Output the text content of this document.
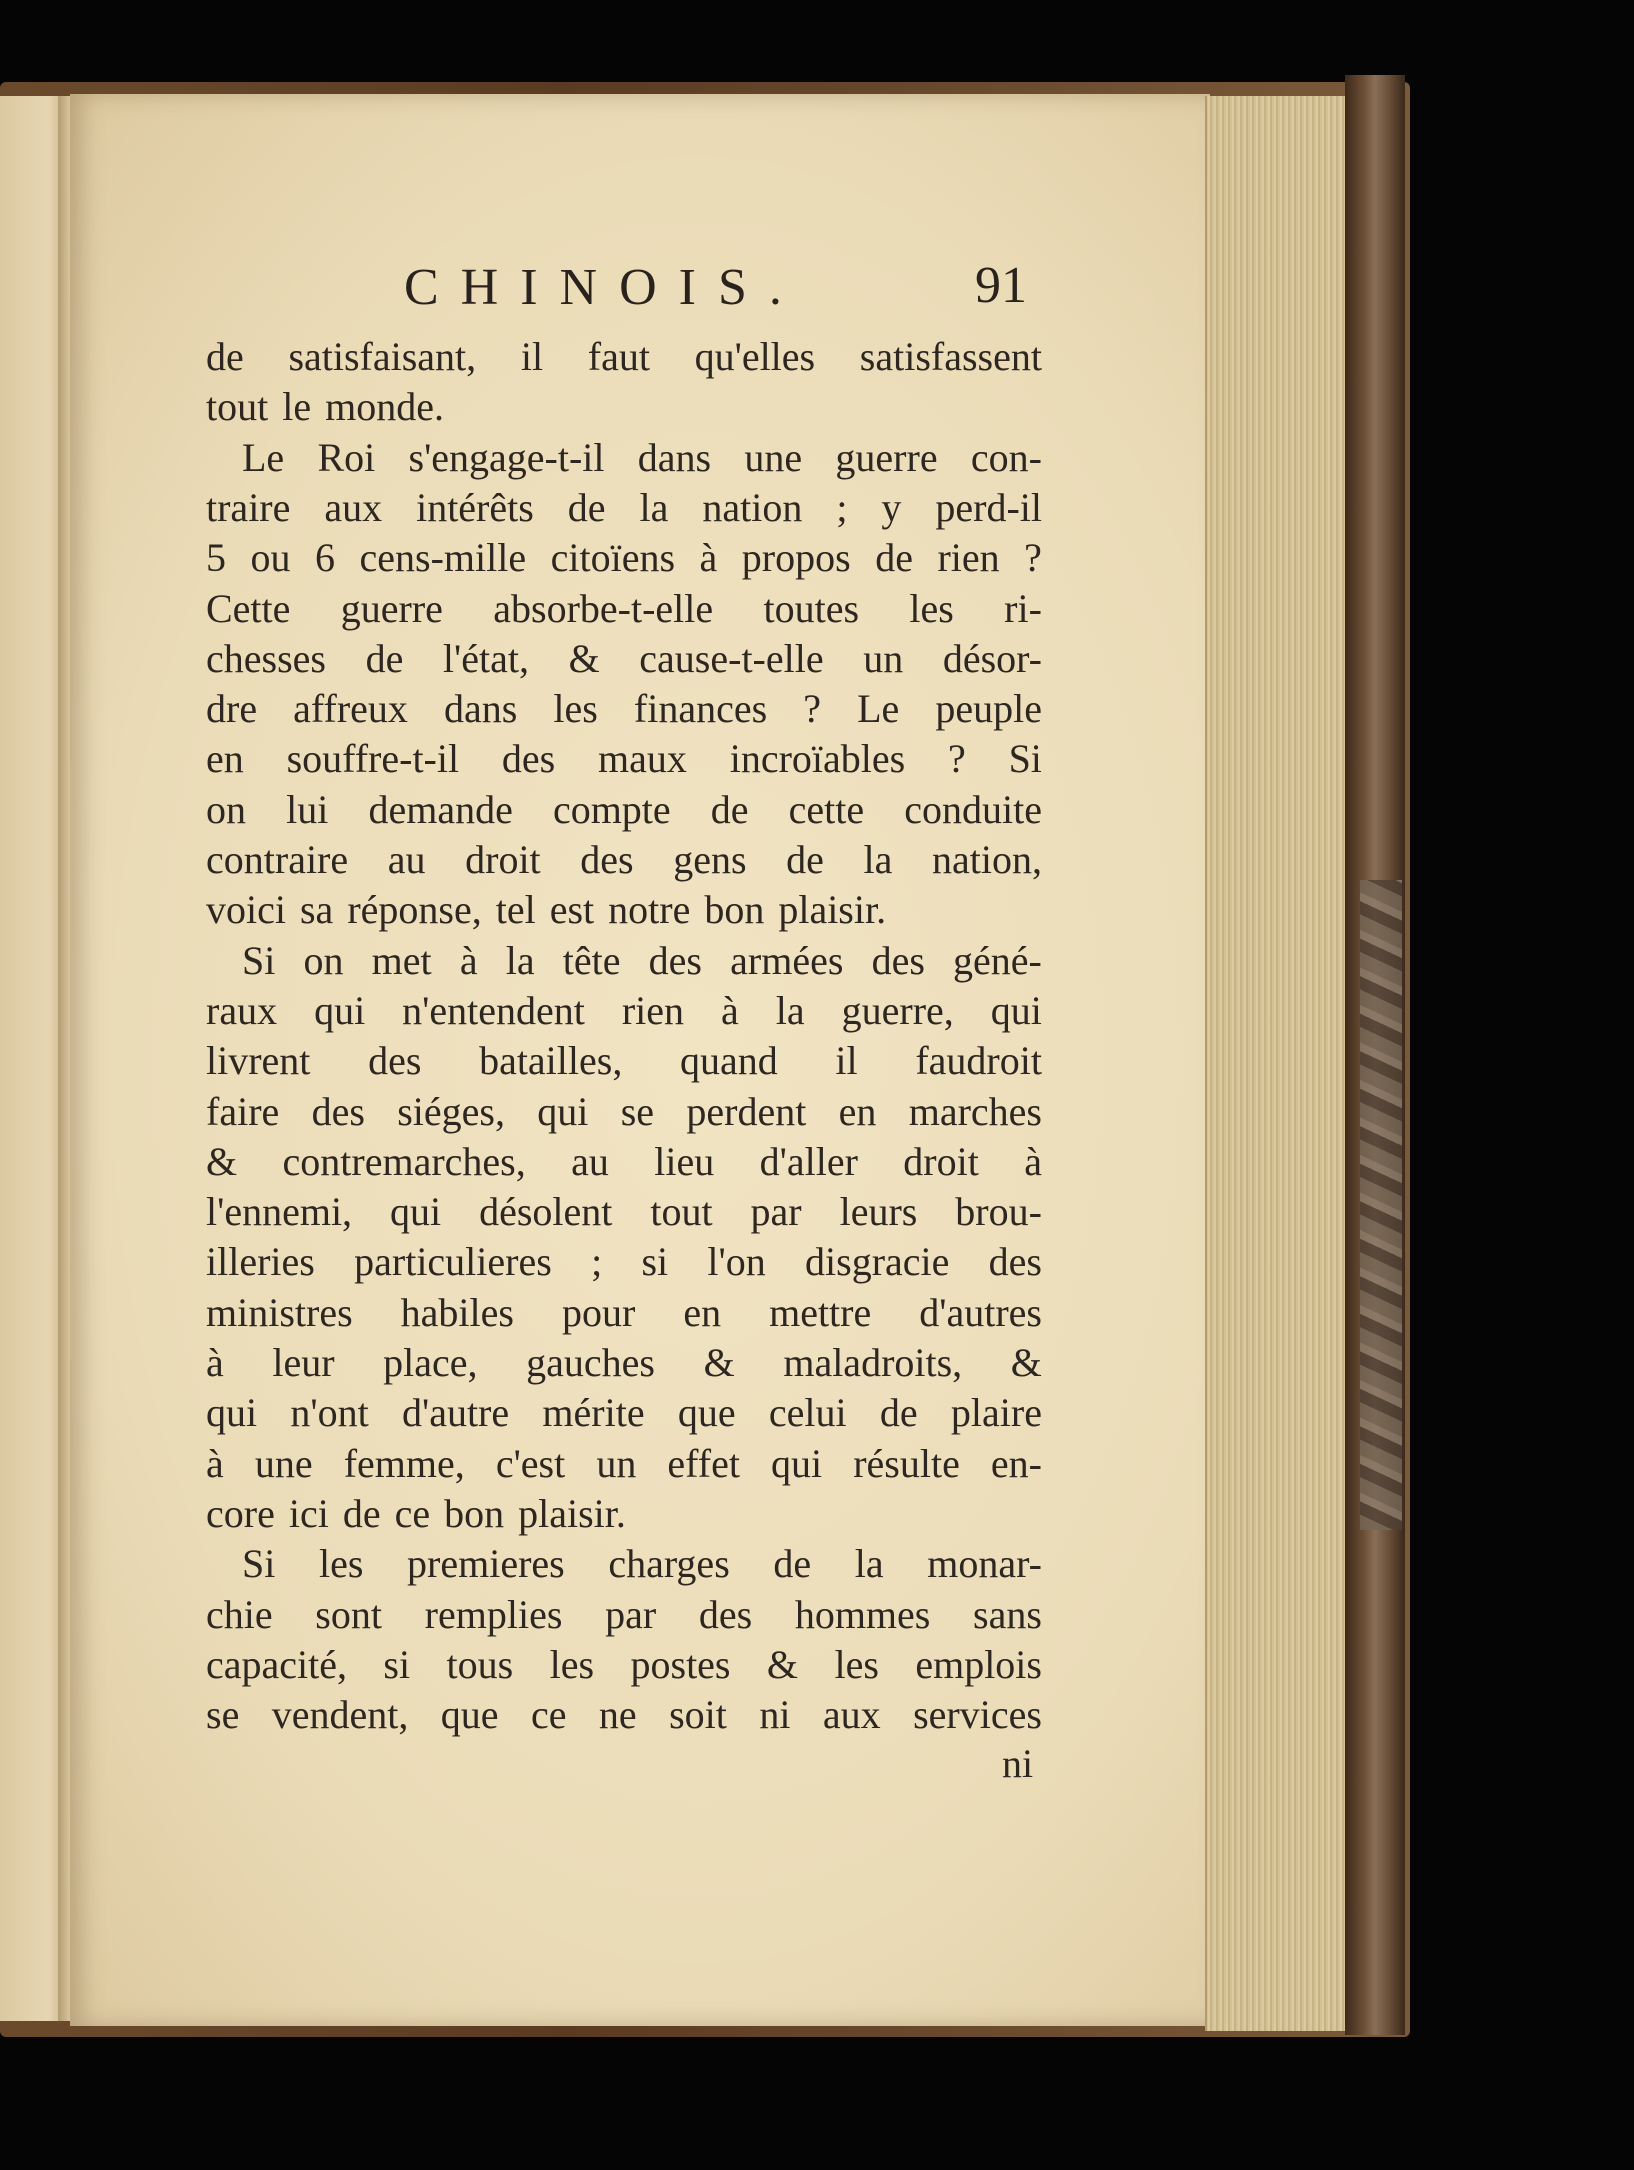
CHINOIS.	91
de satisfaisant, il faut qu'elles satisfassent
tout le monde.
Le Roi s'engage-t-il dans une guerre con-
traire aux intérêts de la nation ; y perd-il
5 ou 6 cens-mille citoïens à propos de rien ?
Cette guerre absorbe-t-elle toutes les ri-
chesses de l'état, & cause-t-elle un désor-
dre affreux dans les finances ? Le peuple
en souffre-t-il des maux incroïables ? Si
on lui demande compte de cette conduite
contraire au droit des gens de la nation,
voici sa réponse, tel est notre bon plaisir.
Si on met à la tête des armées des géné-
raux qui n'entendent rien à la guerre, qui
livrent des batailles, quand il faudroit
faire des siéges, qui se perdent en marches
& contremarches, au lieu d'aller droit à
l'ennemi, qui désolent tout par leurs brou-
illeries particulieres ; si l'on disgracie des
ministres habiles pour en mettre d'autres
à leur place, gauches & maladroits, &
qui n'ont d'autre mérite que celui de plaire
à une femme, c'est un effet qui résulte en-
core ici de ce bon plaisir.
Si les premieres charges de la monar-
chie sont remplies par des hommes sans
capacité, si tous les postes & les emplois
se vendent, que ce ne soit ni aux services
ni
